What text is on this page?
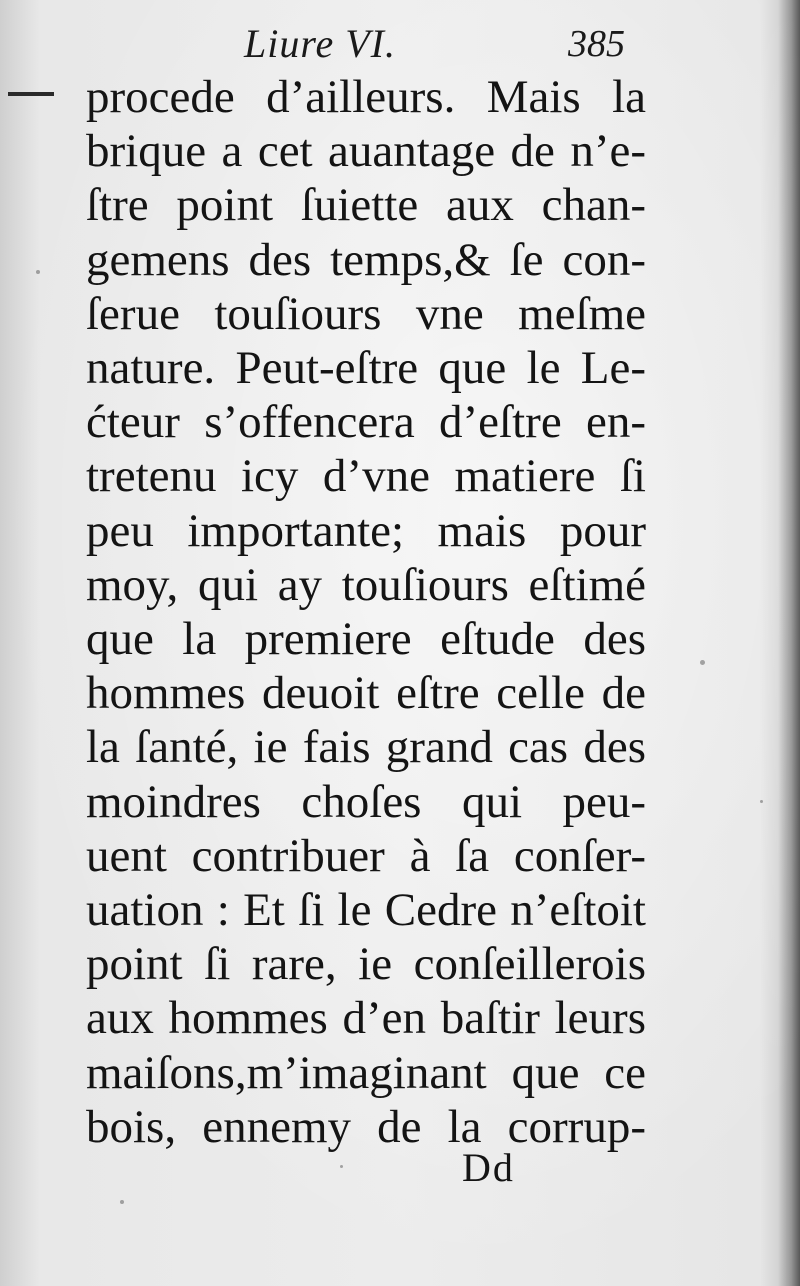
Liure VI.	385
procede d’ailleurs. Mais la
brique a cet auantage de n’e-
ſtre point ſuiette aux chan-
gemens des temps,& ſe con-
ſerue touſiours vne meſme
nature. Peut-eſtre que le Le-
ćteur s’offencera d’eſtre en-
tretenu icy d’vne matiere ſi
peu importante; mais pour
moy, qui ay touſiours eſtimé
que la premiere eſtude des
hommes deuoit eſtre celle de
la ſanté, ie fais grand cas des
moindres choſes qui peu-
uent contribuer à ſa conſer-
uation : Et ſi le Cedre n’eſtoit
point ſi rare, ie conſeillerois
aux hommes d’en baſtir leurs
maiſons,m’imaginant que ce
bois, ennemy de la corrup-
Dd
